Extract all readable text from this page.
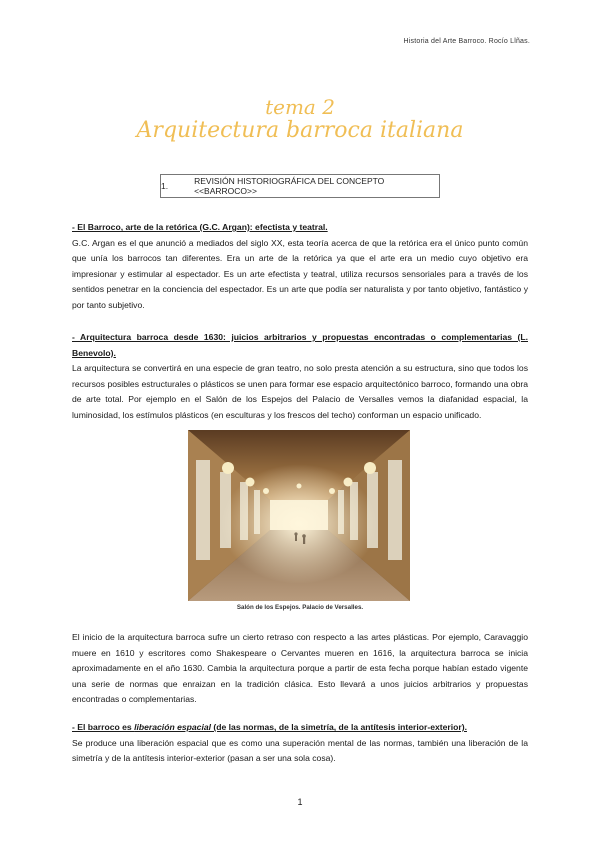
Historia del Arte Barroco. Rocío Llñas.
tema 2
Arquitectura barroca italiana
1.	REVISIÓN HISTORIOGRÁFICA DEL CONCEPTO <<BARROCO>>

- El Barroco, arte de la retórica (G.C. Argan): efectista y teatral.

G.C. Argan es el que anunció a mediados del siglo XX, esta teoría acerca de que la retórica era el único punto común que unía los barrocos tan diferentes. Era un arte de la retórica ya que el arte era un medio cuyo objetivo era impresionar y estimular al espectador. Es un arte efectista y teatral, utiliza recursos sensoriales para a través de los sentidos penetrar en la conciencia del espectador. Es un arte que podía ser naturalista y por tanto objetivo, fantástico y por tanto subjetivo.

- Arquitectura barroca desde 1630: juicios arbitrarios y propuestas encontradas o complementarias (L. Benevolo).

La arquitectura se convertirá en una especie de gran teatro, no solo presta atención a su estructura, sino que todos los recursos posibles estructurales o plásticos se unen para formar ese espacio arquitectónico barroco, formando una obra de arte total. Por ejemplo en el Salón de los Espejos del Palacio de Versalles vemos la diafanidad espacial, la luminosidad, los estímulos plásticos (en esculturas y los frescos del techo) conforman un espacio unificado.

Salón de los Espejos. Palacio de Versalles.

El inicio de la arquitectura barroca sufre un cierto retraso con respecto a las artes plásticas. Por ejemplo, Caravaggio muere en 1610 y escritores como Shakespeare o Cervantes mueren en 1616, la arquitectura barroca se inicia aproximadamente en el año 1630. Cambia la arquitectura porque a partir de esta fecha porque habían estado vigente una serie de normas que enraizan en la tradición clásica. Esto llevará a unos juicios arbitrarios y propuestas encontradas o complementarias.

- El barroco es liberación espacial (de las normas, de la simetría, de la antítesis interior-exterior).

Se produce una liberación espacial que es como una superación mental de las normas, también una liberación de la simetría y de la antítesis interior-exterior (pasan a ser una sola cosa).

1
